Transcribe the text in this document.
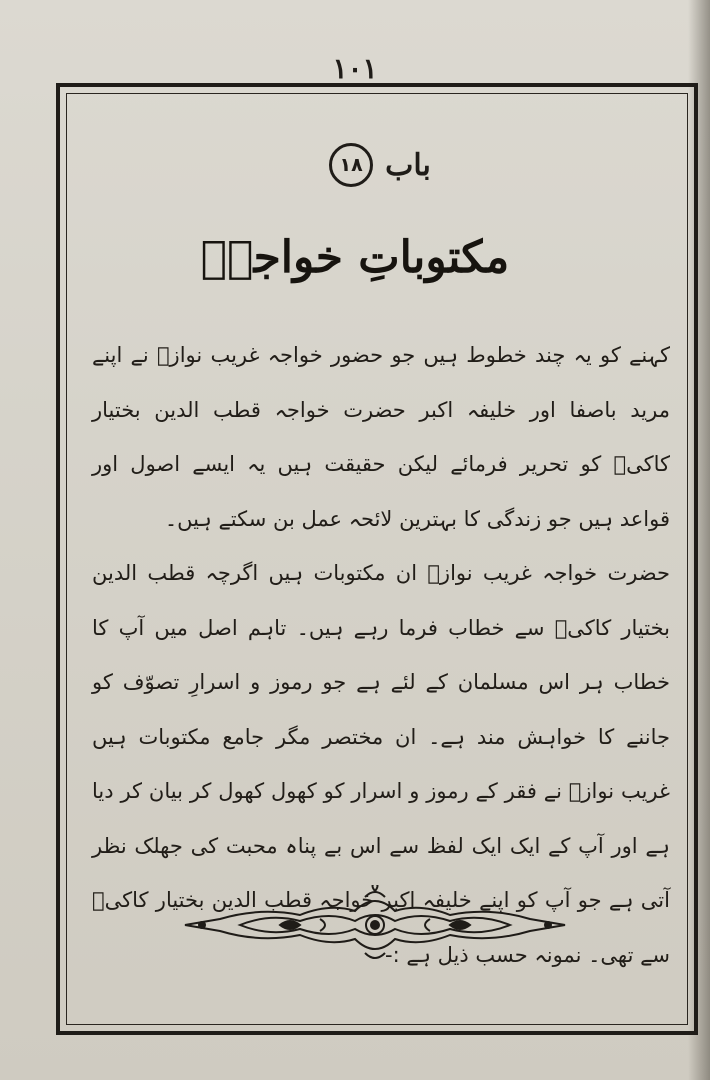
۱۰۱
باب
۱۸
مکتوباتِ خواجہؒ

کہنے کو یہ چند خطوط ہیں جو حضور خواجہ غریب نوازؒ نے اپنے مرید باصفا اور خلیفہ اکبر حضرت خواجہ قطب الدین بختیار کاکیؒ کو تحریر فرمائے لیکن حقیقت ہیں یہ ایسے اصول اور قواعد ہیں جو زندگی کا بہترین لائحہ عمل بن سکتے ہیں۔

حضرت خواجہ غریب نوازؒ ان مکتوبات ہیں اگرچہ قطب الدین بختیار کاکیؒ سے خطاب فرما رہے ہیں۔ تاہم اصل میں آپ کا خطاب ہر اس مسلمان کے لئے ہے جو رموز و اسرارِ تصوّف کو جاننے کا خواہش مند ہے۔ ان مختصر مگر جامع مکتوبات ہیں غریب نوازؒ نے فقر کے رموز و اسرار کو کھول کھول کر بیان کر دیا ہے اور آپ کے ایک ایک لفظ سے اس بے پناہ محبت کی جھلک نظر آتی ہے جو آپ کو اپنے خلیفہ اکبر خواجہ قطب الدین بختیار کاکیؒ سے تھی۔ نمونہ حسب ذیل ہے :-
